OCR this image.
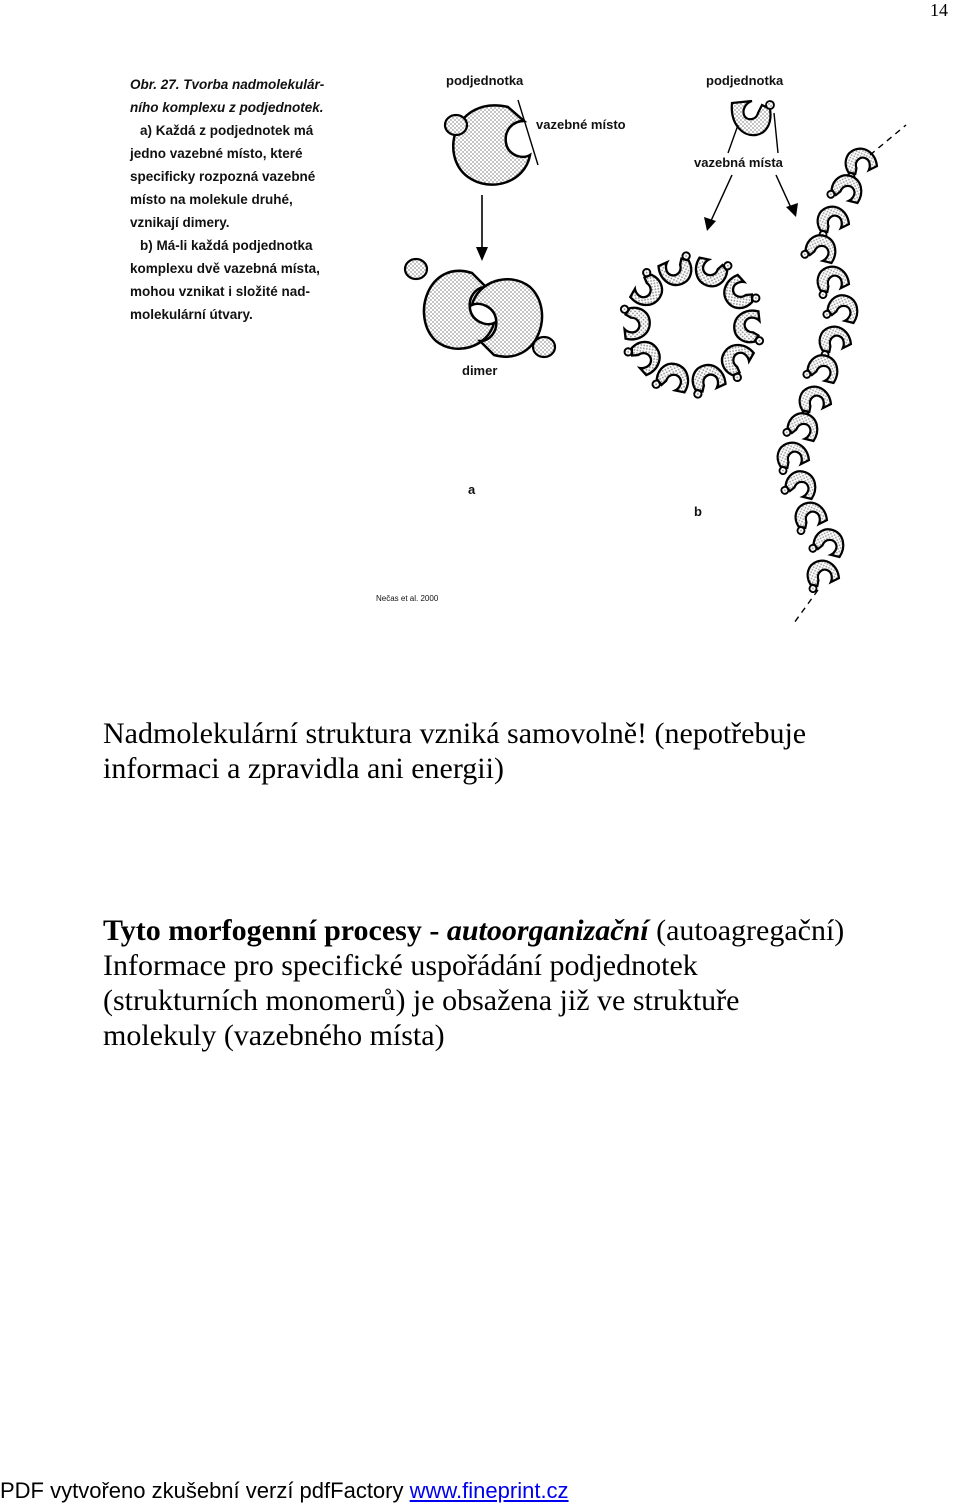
14
Obr. 27. Tvorba nadmolekulár-
ního komplexu z podjednotek.
a) Každá z podjednotek má
jedno vazebné místo, které
specificky rozpozná vazebné
místo na molekule druhé,
vznikají dimery.
b) Má-li každá podjednotka
komplexu dvě vazebná místa,
mohou vznikat i složité nad-
molekulární útvary.
podjednotka
vazebné místo
dimer
a
podjednotka
vazebná místa
b
Nečas et al. 2000

Nadmolekulární struktura vzniká samovolně! (nepotřebuje
informaci a zpravidla ani energii)

Tyto morfogenní procesy - autoorganizační (autoagregační)
Informace pro specifické uspořádání podjednotek
(strukturních monomerů) je obsažena již ve struktuře
molekuly (vazebného místa)

PDF vytvořeno zkušební verzí pdfFactory www.fineprint.cz
